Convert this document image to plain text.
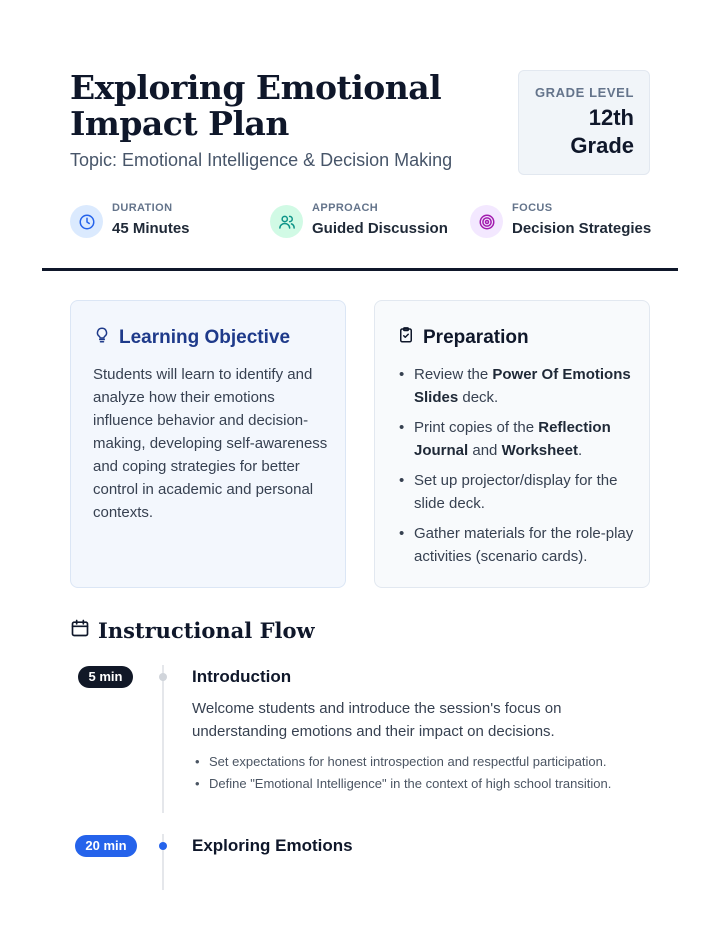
Exploring Emotional Impact Plan
Topic: Emotional Intelligence & Decision Making
GRADE LEVEL
12th
Grade
DURATION
45 Minutes
APPROACH
Guided Discussion
FOCUS
Decision Strategies
Learning Objective

Students will learn to identify and analyze how their emotions influence behavior and decision-making, developing self-awareness and coping strategies for better control in academic and personal contexts.

Preparation
• Review the Power Of Emotions Slides deck.
• Print copies of the Reflection Journal and Worksheet.
• Set up projector/display for the slide deck.
• Gather materials for the role-play activities (scenario cards).
Instructional Flow
5 min	Introduction

Welcome students and introduce the session's focus on understanding emotions and their impact on decisions.

• Set expectations for honest introspection and respectful participation.
• Define "Emotional Intelligence" in the context of high school transition.
20 min	Exploring Emotions
